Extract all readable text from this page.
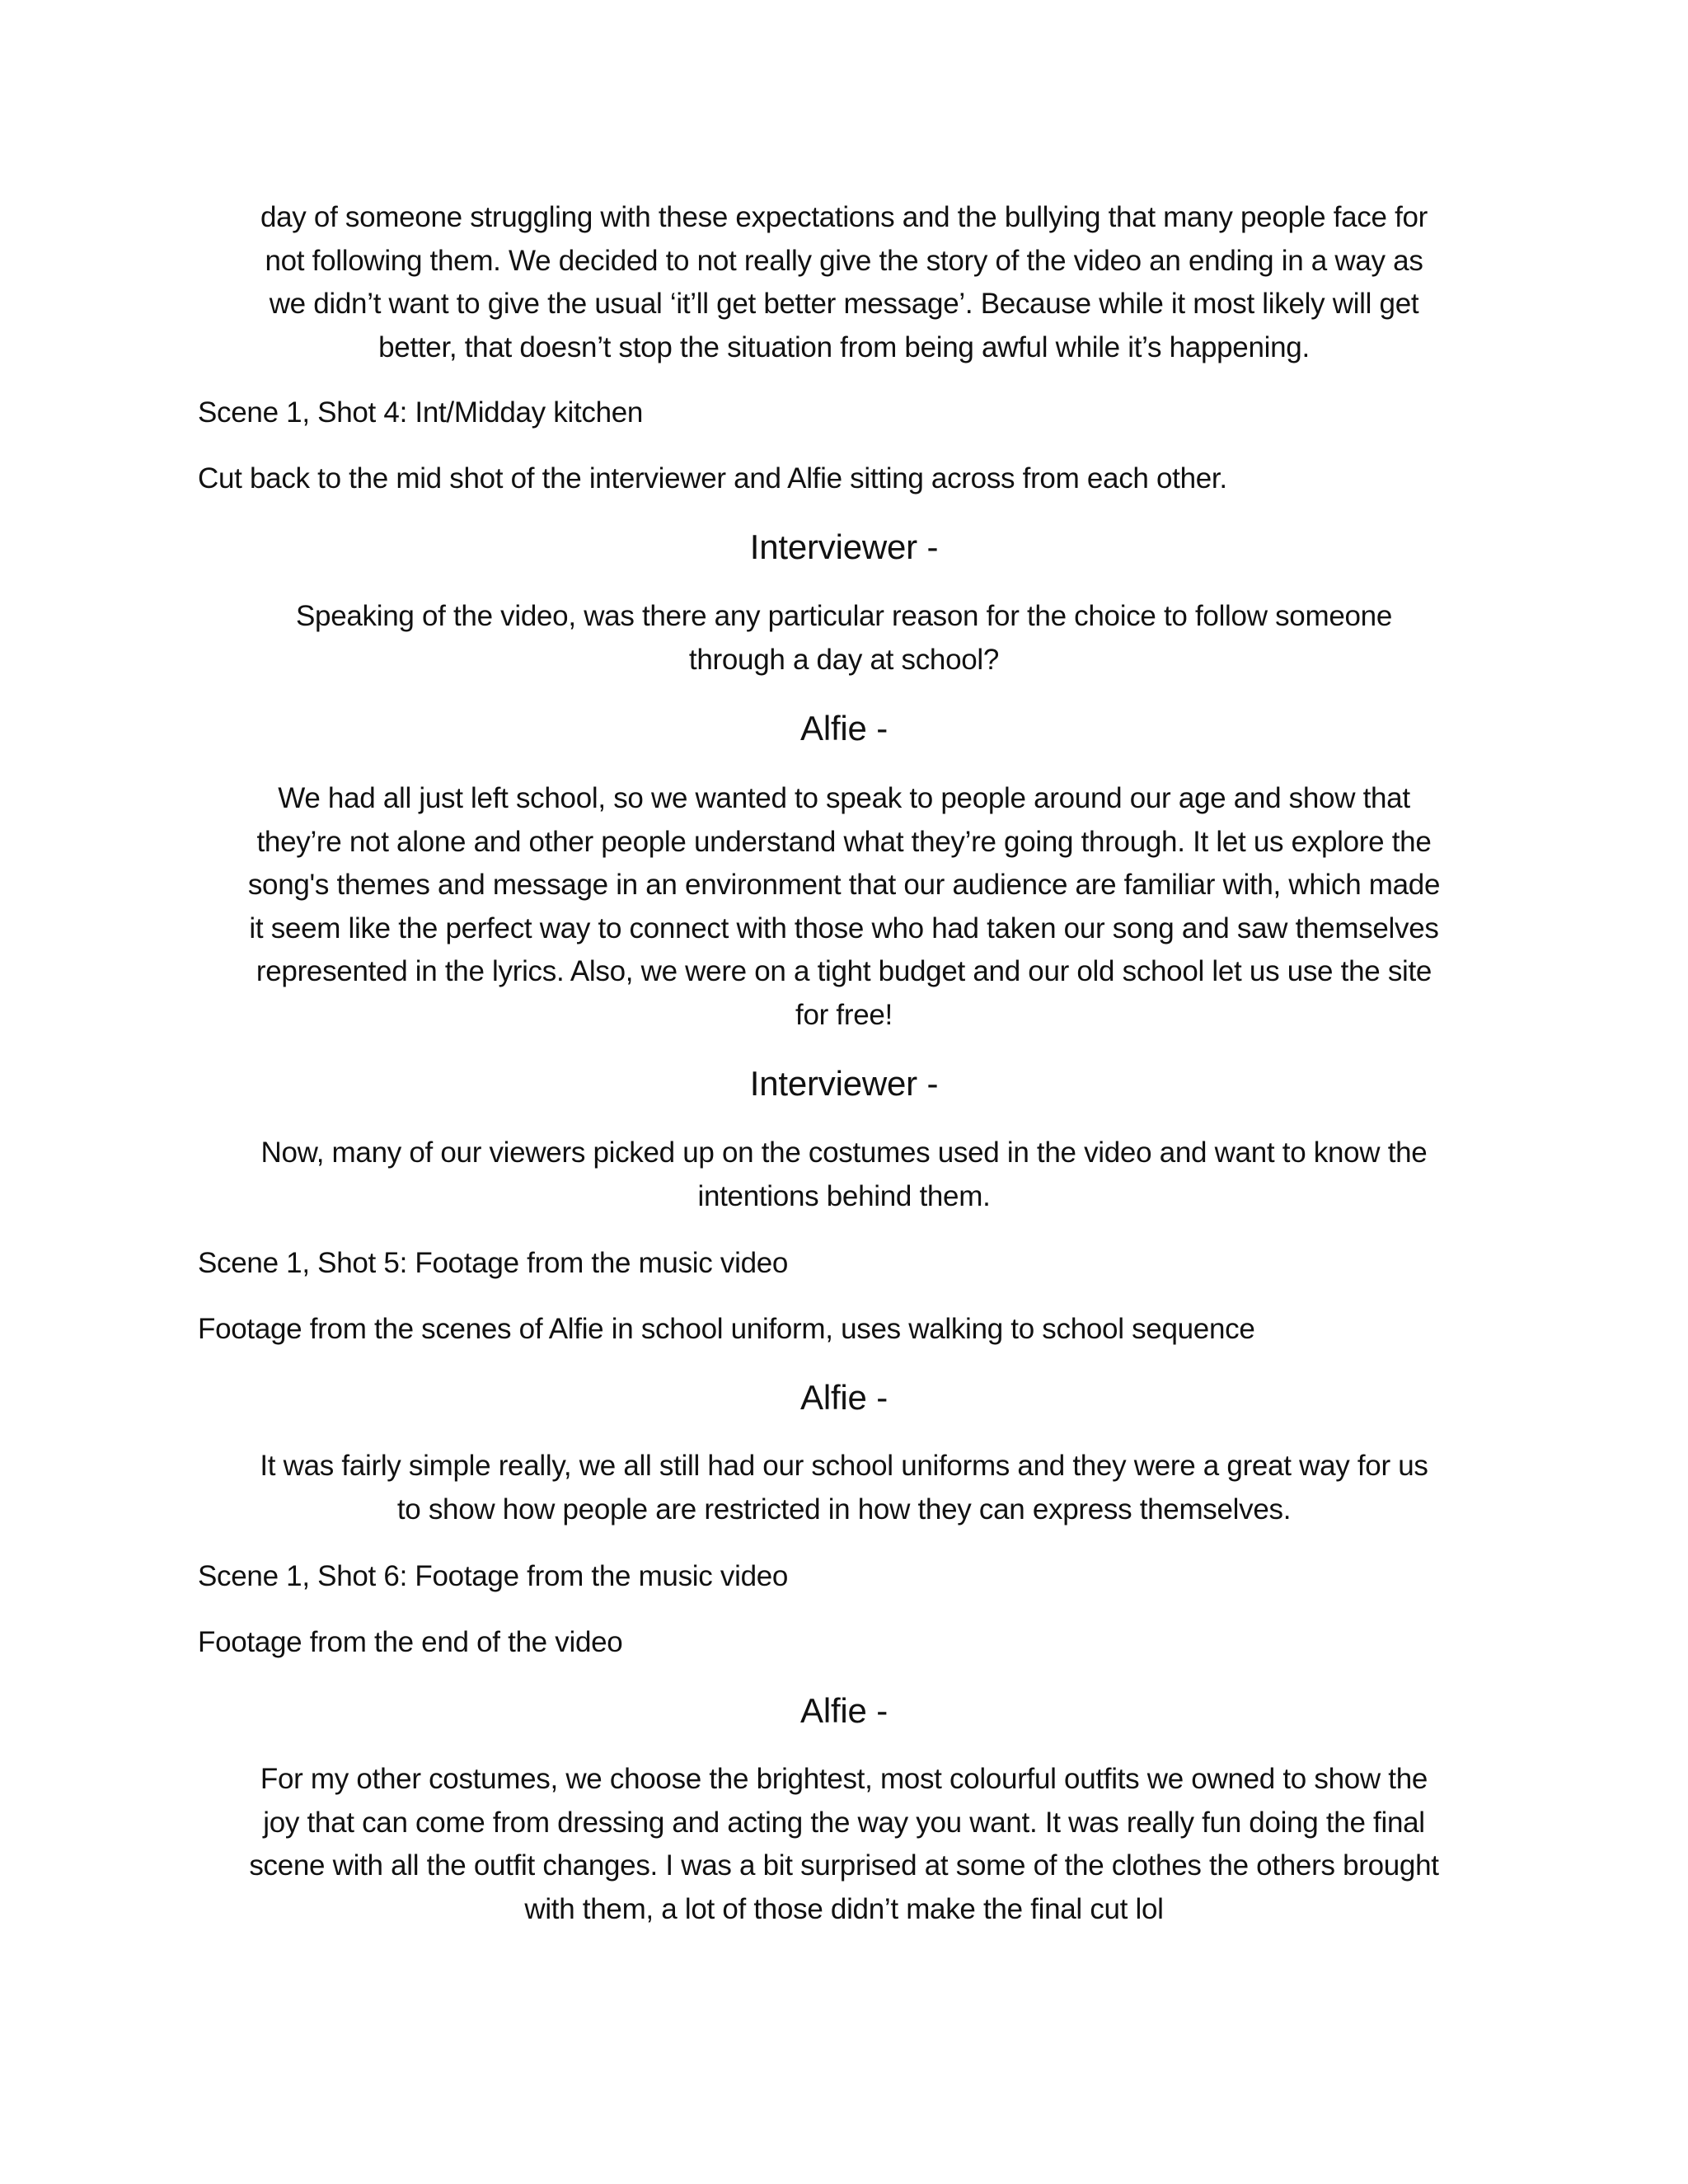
day of someone struggling with these expectations and the bullying that many people face for
not following them. We decided to not really give the story of the video an ending in a way as
we didn’t want to give the usual ‘it’ll get better message’. Because while it most likely will get
better, that doesn’t stop the situation from being awful while it’s happening.
Scene 1, Shot 4: Int/Midday kitchen
Cut back to the mid shot of the interviewer and Alfie sitting across from each other.
Interviewer -
Speaking of the video, was there any particular reason for the choice to follow someone
through a day at school?
Alfie -
We had all just left school, so we wanted to speak to people around our age and show that
they’re not alone and other people understand what they’re going through. It let us explore the
song's themes and message in an environment that our audience are familiar with, which made
it seem like the perfect way to connect with those who had taken our song and saw themselves
represented in the lyrics. Also, we were on a tight budget and our old school let us use the site
for free!
Interviewer -
Now, many of our viewers picked up on the costumes used in the video and want to know the
intentions behind them.
Scene 1, Shot 5: Footage from the music video
Footage from the scenes of Alfie in school uniform, uses walking to school sequence
Alfie -
It was fairly simple really, we all still had our school uniforms and they were a great way for us
to show how people are restricted in how they can express themselves.
Scene 1, Shot 6: Footage from the music video
Footage from the end of the video
Alfie -
For my other costumes, we choose the brightest, most colourful outfits we owned to show the
joy that can come from dressing and acting the way you want. It was really fun doing the final
scene with all the outfit changes. I was a bit surprised at some of the clothes the others brought
with them, a lot of those didn’t make the final cut lol
